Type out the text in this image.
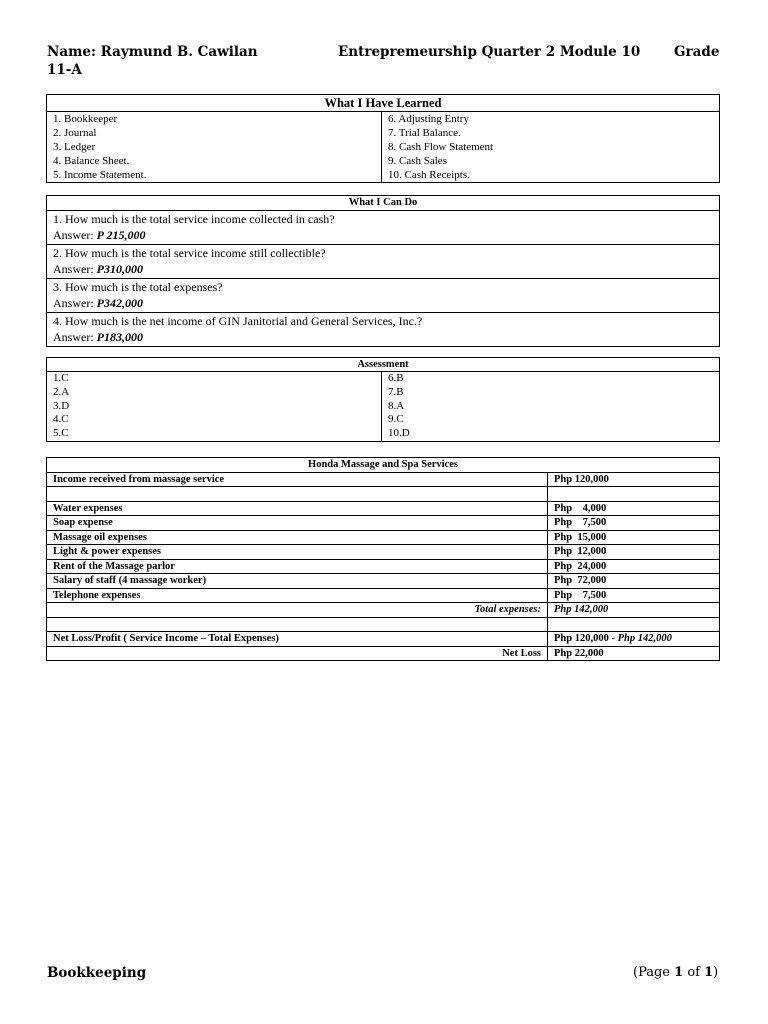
Name: Raymund B. Cawilan	Entrepremeurship Quarter 2 Module 10	Grade
11-A
What I Have Learned

1. Bookkeeper
2. Journal
3. Ledger
4. Balance Sheet.
5. Income Statement.

6. Adjusting Entry
7. Trial Balance.
8. Cash Flow Statement
9. Cash Sales
10. Cash Receipts.
What I Can Do

1. How much is the total service income collected in cash?
Answer: P 215,000

2. How much is the total service income still collectible?
Answer: P310,000

3. How much is the total expenses?
Answer: P342,000

4. How much is the net income of GIN Janitorial and General Services, Inc.?
Answer: P183,000
Assessment

1.C
2.A
3.D
4.C
5.C

6.B
7.B
8.A
9.C
10.D
Honda Massage and Spa Services	
Income received from massage service	Php 120,000

Water expenses	Php    4,000
Soap expense	Php    7,500
Massage oil expenses	Php  15,000
Light & power expenses	Php  12,000
Rent of the Massage parlor	Php  24,000
Salary of staff (4 massage worker)	Php  72,000
Telephone expenses	Php    7,500
Total expenses:	Php 142,000

Net Loss/Profit ( Service Income – Total Expenses)	Php 120,000 - Php 142,000
Net Loss	Php 22,000
Bookkeeping	(Page 1 of 1)
